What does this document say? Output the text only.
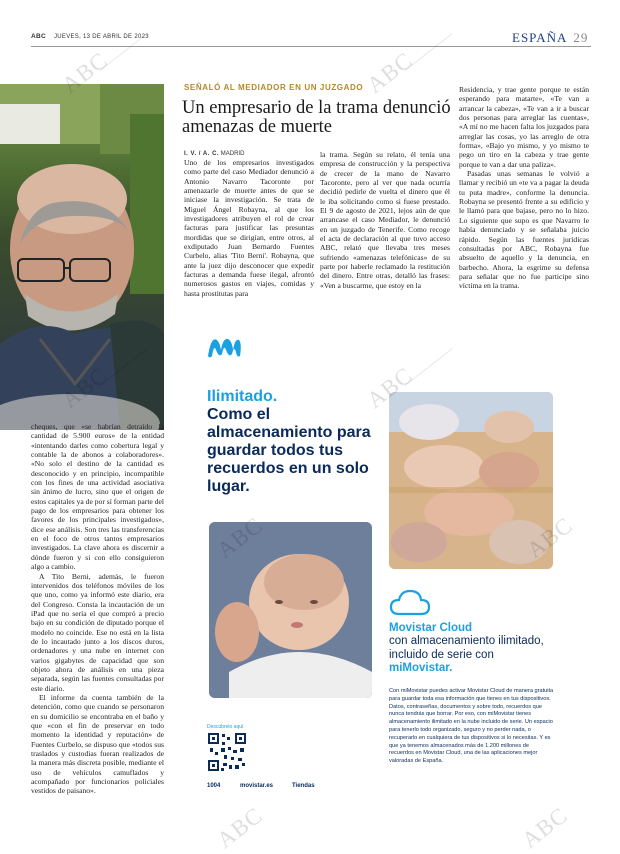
ABC JUEVES, 13 DE ABRIL DE 2023	ESPAÑA 29
SEÑALÓ AL MEDIADOR EN UN JUZGADO
Un empresario de la trama denunció amenazas de muerte
I. V. / A. C. MADRID

Uno de los empresarios investigados como parte del caso Mediador denunció a Antonio Navarro Tacoronte por amenazarle de muerte antes de que se iniciase la investigación. Se trata de Miguel Ángel Robayna, al que los investigadores atribuyen el rol de crear facturas para justificar las presuntas mordidas que se dirigían, entre otros, al exdiputado Juan Bernardo Fuentes Curbelo, alias 'Tito Berni'. Robayna, que ante la juez dijo desconocer que expedir facturas a demanda fuese ilegal, afrontó numerosos gastos en viajes, comidas y hasta prostitutas para

la trama. Según su relato, él tenía una empresa de construcción y la perspectiva de crecer de la mano de Navarro Tacoronte, pero al ver que nada ocurría decidió pedirle de vuelta el dinero que él le iba solicitando como si fuese prestado. El 9 de agosto de 2021, lejos aún de que arrancase el caso Mediador, le denunció en un juzgado de Tenerife. Como recoge el acta de declaración al que tuvo acceso ABC, relató que llevaba tres meses sufriendo «amenazas telefónicas» de su parte por haberle reclamado la restitución del dinero. Entre otras, detalló las frases: «Ven a buscarme, que estoy en la

Residencia, y trae gente porque te están esperando para matarte», «Te van a arrancar la cabeza», «Te van a ir a buscar dos personas para arreglar las cuentas», «A mí no me hacen falta los juzgados para arreglar las cosas, yo las arreglo de otra forma», «Bajo yo mismo, y yo mismo te pego un tiro en la cabeza y trae gente porque te van a dar una paliza».

Pasadas unas semanas le volvió a llamar y recibió un «te va a pagar la deuda tu puta madre», conforme la denuncia. Robayna se presentó frente a su edificio y le llamó para que bajase, pero no lo hizo. Lo siguiente que supo es que Navarro le había denunciado y se señalaba juicio rápido. Según las fuentes jurídicas consultadas por ABC, Robayna fue absuelto de aquello y la denuncia, en barbecho. Ahora, la esgrime su defensa para señalar que no fue participe sino víctima en la trama.

cheques, que «se habrían detraído la cantidad de 5.900 euros» de la entidad «intentando darles como cobertura legal y contable la de abonos a colaboradores». «No solo el destino de la cantidad es desconocido y en principio, incompatible con los fines de una actividad asociativa sin ánimo de lucro, sino que el origen de estos capitales ya de por sí forman parte del pago de los empresarios para obtener los favores de los principales investigados», dice ese análisis. Son tres las transferencias en el foco de otros tantos empresarios investigados. La clave ahora es discernir a dónde fueron y si con ello consiguieron algo a cambio.

A Tito Berni, además, le fueron intervenidos dos teléfonos móviles de los que uno, como ya informó este diario, era del Congreso. Consta la incautación de un iPad que no sería el que compró a precio bajo en su condición de diputado porque el modelo no coincide. Ese no está en la lista de lo incautado junto a los discos duros, ordenadores y una nube en internet con varios gigabytes de capacidad que son objeto ahora de análisis en una pieza separada, según las fuentes consultadas por este diario.

El informe da cuenta también de la detención, como que cuando se personaron en su domicilio se encontraba en el baño y que «con el fin de preservar en todo momento la identidad y reputación» de Fuentes Curbelo, se dispuso que «todos sus traslados y custodias fueran realizados de la manera más discreta posible, mediante el uso de vehículos camuflados y acompañado por funcionarios policiales vestidos de paisano».

Ilimitado.
Como el almacenamiento para guardar todos tus recuerdos en un solo lugar.
Movistar Cloud
con almacenamiento ilimitado, incluido de serie con miMovistar.
Con miMovistar puedes activar Movistar Cloud de manera gratuita para guardar toda esa información que tienes en tus dispositivos. Datos, contraseñas, documentos y sobre todo, recuerdos que nunca tendrás que borrar. Por eso, con miMovistar tienes almacenamiento ilimitado en la nube incluido de serie. Un espacio para tenerlo todo organizado, seguro y no perder nada, o recuperarlo en cualquiera de tus dispositivos si lo necesitas. Y es que ya tenemos almacenados más de 1.200 millones de recuerdos en Movistar Cloud, una de las aplicaciones mejor valoradas de España.
Descúbrelo aquí
1004	movistar.es	Tiendas
ABC	ABC
ABC	ABC
